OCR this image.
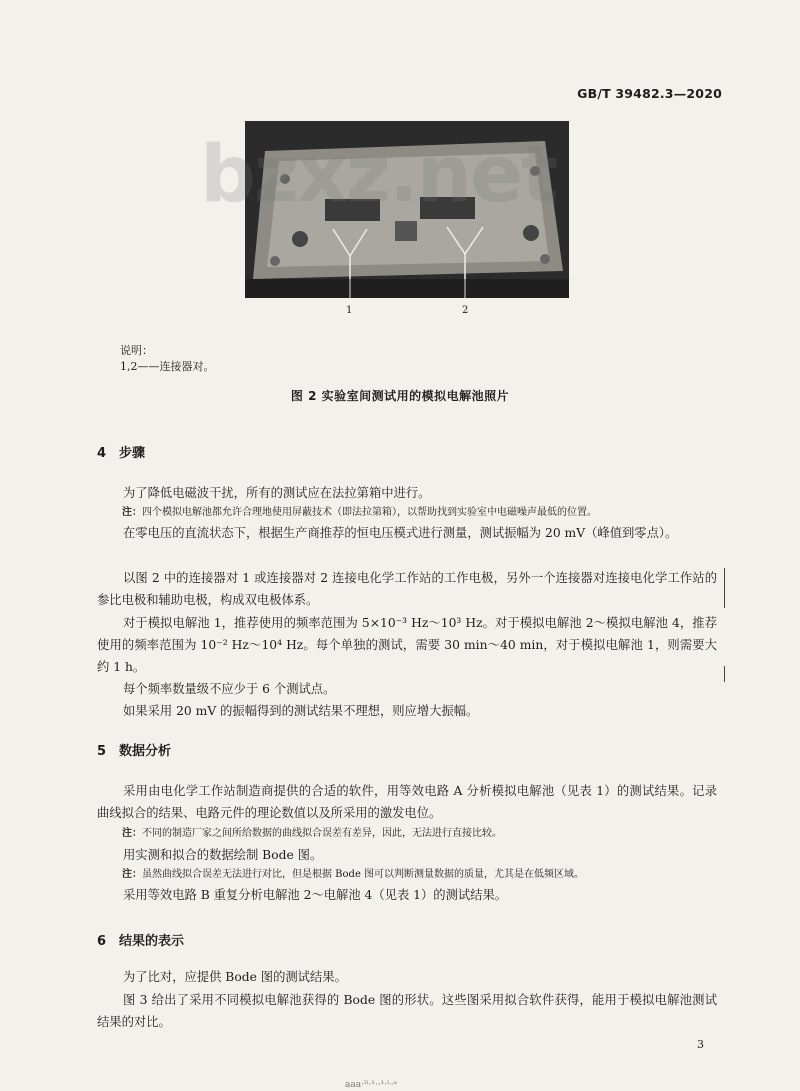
GB/T 39482.3—2020
bzxz.net
1	2
说明：
1,2——连接器对。
图 2 实验室间测试用的模拟电解池照片
4 步骤
为了降低电磁波干扰，所有的测试应在法拉第箱中进行。
注：四个模拟电解池都允许合理地使用屏蔽技术（即法拉第箱），以帮助找到实验室中电磁噪声最低的位置。
在零电压的直流状态下，根据生产商推荐的恒电压模式进行测量，测试振幅为 20 mV（峰值到零点）。
以图 2 中的连接器对 1 或连接器对 2 连接电化学工作站的工作电极，另外一个连接器对连接电化学工作站的参比电极和辅助电极，构成双电极体系。
对于模拟电解池 1，推荐使用的频率范围为 5×10⁻³ Hz～10³ Hz。对于模拟电解池 2～模拟电解池 4，推荐使用的频率范围为 10⁻² Hz～10⁴ Hz。每个单独的测试，需要 30 min～40 min，对于模拟电解池 1，则需要大约 1 h。
每个频率数量级不应少于 6 个测试点。
如果采用 20 mV 的振幅得到的测试结果不理想，则应增大振幅。
5 数据分析
采用由电化学工作站制造商提供的合适的软件，用等效电路 A 分析模拟电解池（见表 1）的测试结果。记录曲线拟合的结果、电路元件的理论数值以及所采用的激发电位。
注：不同的制造厂家之间所给数据的曲线拟合误差有差异，因此，无法进行直接比较。
用实测和拟合的数据绘制 Bode 图。
注：虽然曲线拟合误差无法进行对比，但是根据 Bode 图可以判断测量数据的质量，尤其是在低频区域。
采用等效电路 B 重复分析电解池 2～电解池 4（见表 1）的测试结果。
6 结果的表示
为了比对，应提供 Bode 图的测试结果。
图 3 给出了采用不同模拟电解池获得的 Bode 图的形状。这些图采用拟合软件获得，能用于模拟电解池测试结果的对比。
3
ааа·ᴵˡ·¹··¹·ᴸ·ᵃ
